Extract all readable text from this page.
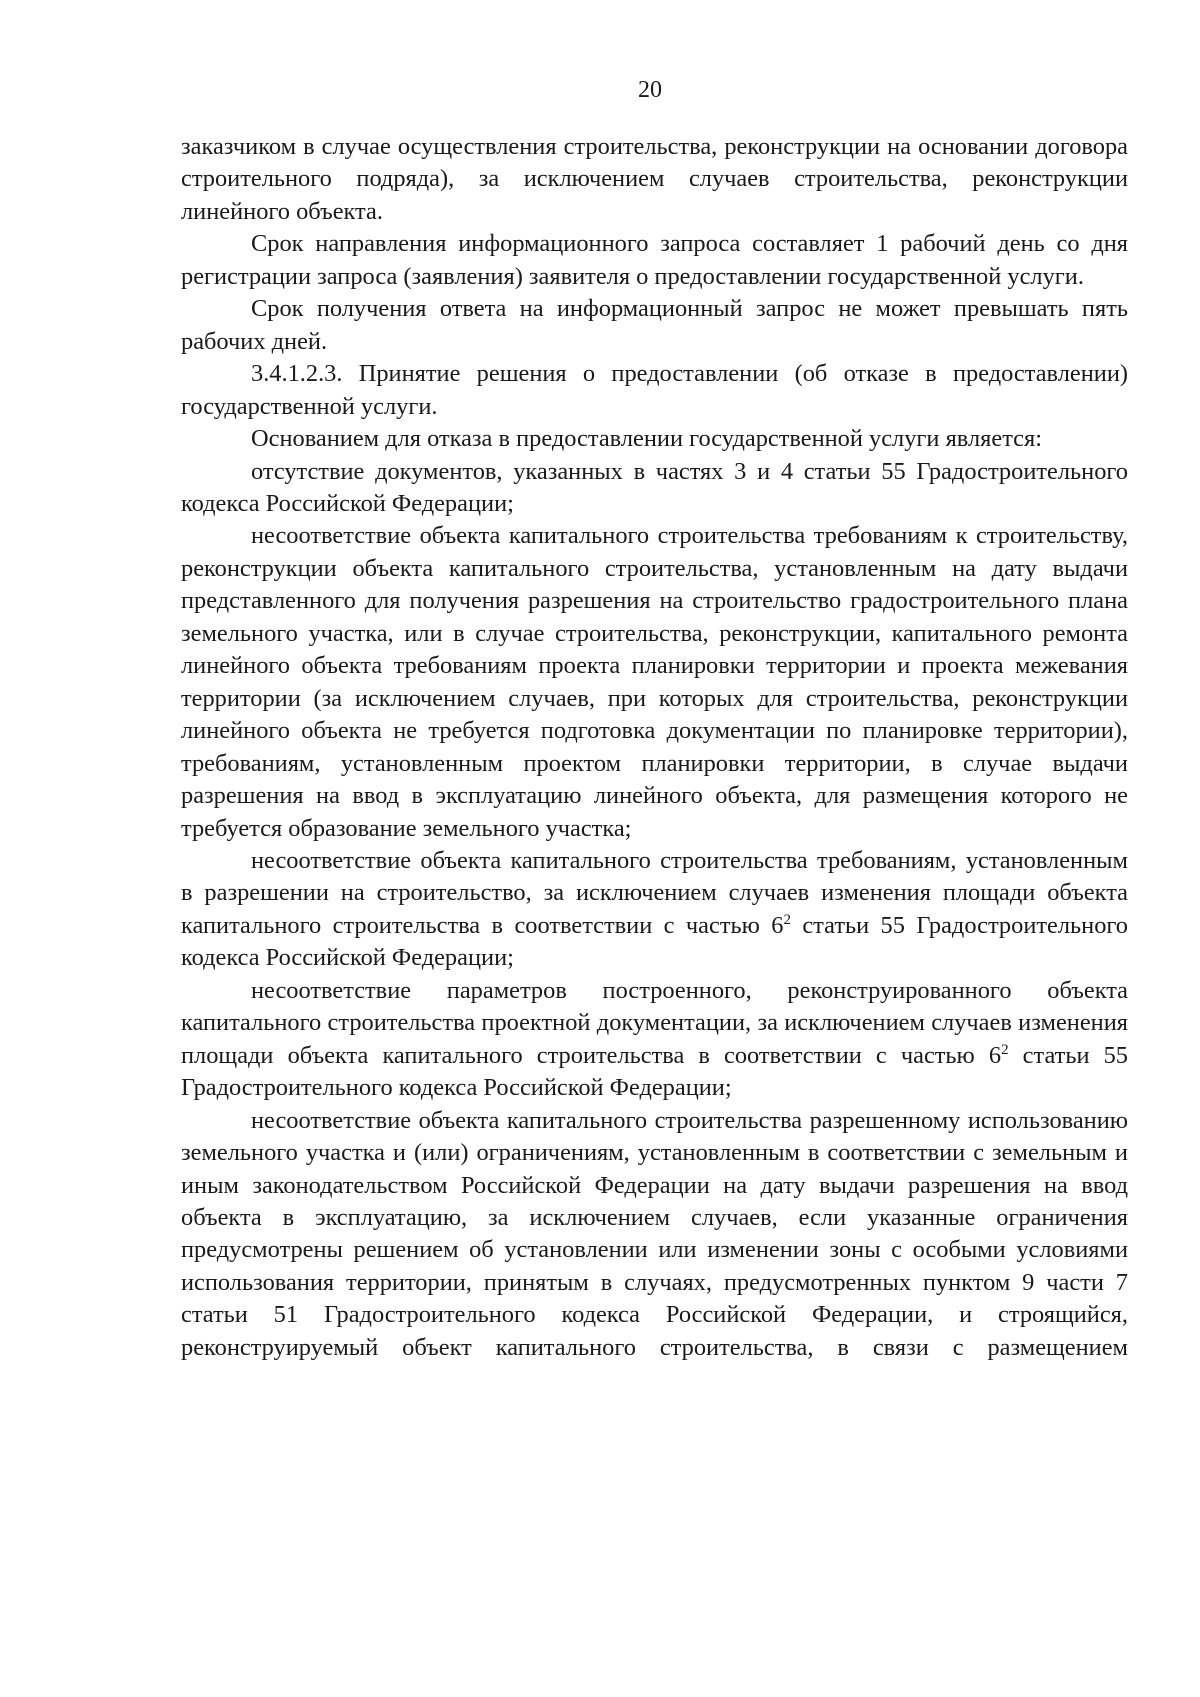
20

заказчиком в случае осуществления строительства, реконструкции на основании договора строительного подряда), за исключением случаев строительства, реконструкции линейного объекта.

Срок направления информационного запроса составляет 1 рабочий день со дня регистрации запроса (заявления) заявителя о предоставлении государственной услуги.

Срок получения ответа на информационный запрос не может превышать пять рабочих дней.

3.4.1.2.3. Принятие решения о предоставлении (об отказе в предоставлении) государственной услуги.

Основанием для отказа в предоставлении государственной услуги является:

отсутствие документов, указанных в частях 3 и 4 статьи 55 Градостроительного кодекса Российской Федерации;

несоответствие объекта капитального строительства требованиям к строительству, реконструкции объекта капитального строительства, установленным на дату выдачи представленного для получения разрешения на строительство градостроительного плана земельного участка, или в случае строительства, реконструкции, капитального ремонта линейного объекта требованиям проекта планировки территории и проекта межевания территории (за исключением случаев, при которых для строительства, реконструкции линейного объекта не требуется подготовка документации по планировке территории), требованиям, установленным проектом планировки территории, в случае выдачи разрешения на ввод в эксплуатацию линейного объекта, для размещения которого не требуется образование земельного участка;

несоответствие объекта капитального строительства требованиям, установленным в разрешении на строительство, за исключением случаев изменения площади объекта капитального строительства в соответствии с частью $6^2$ статьи 55 Градостроительного кодекса Российской Федерации;

несоответствие параметров построенного, реконструированного объекта капитального строительства проектной документации, за исключением случаев изменения площади объекта капитального строительства в соответствии с частью $6^2$ статьи 55 Градостроительного кодекса Российской Федерации;

несоответствие объекта капитального строительства разрешенному использованию земельного участка и (или) ограничениям, установленным в соответствии с земельным и иным законодательством Российской Федерации на дату выдачи разрешения на ввод объекта в эксплуатацию, за исключением случаев, если указанные ограничения предусмотрены решением об установлении или изменении зоны с особыми условиями использования территории, принятым в случаях, предусмотренных пунктом 9 части 7 статьи 51 Градостроительного кодекса Российской Федерации, и строящийся, реконструируемый объект капитального строительства, в связи с размещением
